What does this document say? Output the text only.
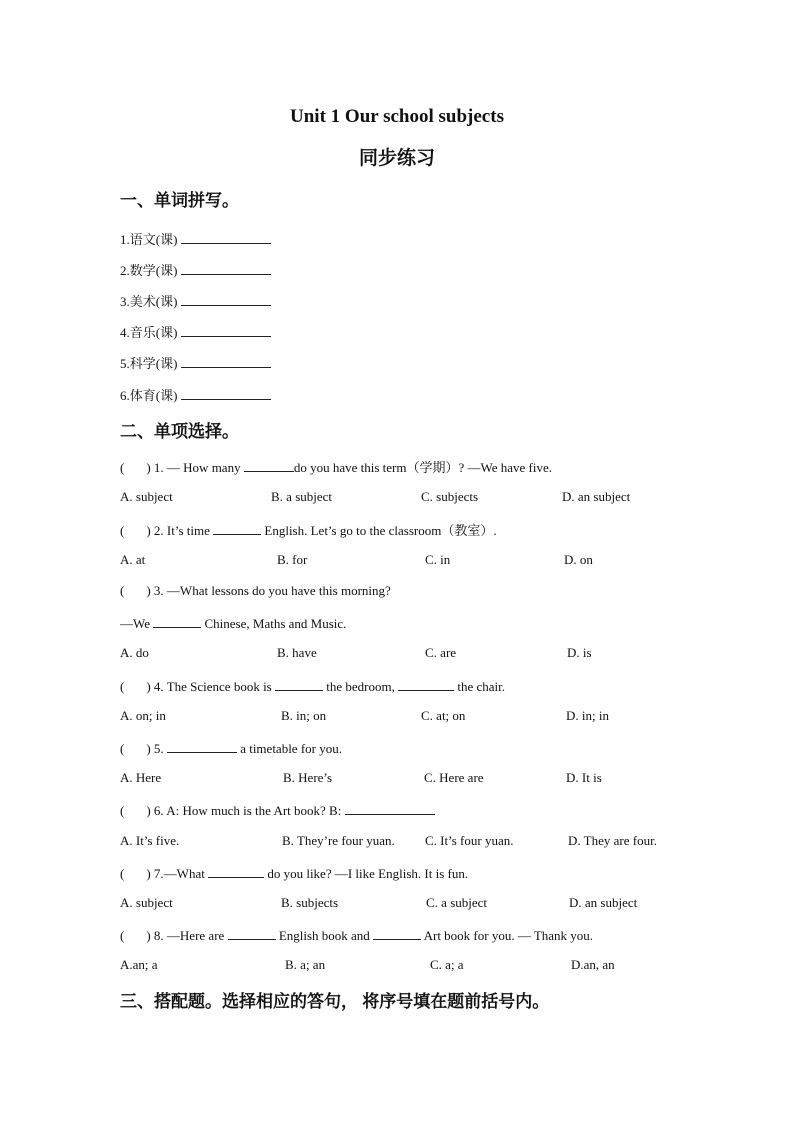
Unit 1 Our school subjects
同步练习
一、单词拼写。
1.语文(课)
2.数学(课)
3.美术(课)
4.音乐(课)
5.科学(课)
6.体育(课)
二、单项选择。
( ) 1. — How many	do you have this term（学期）? —We have five.
A. subject	B. a subject	C. subjects	D. an subject
( ) 2. It’s time	English. Let’s go to the classroom（教室）.
A. at	B. for	C. in	D. on
( ) 3. —What lessons do you have this morning?
—We	Chinese, Maths and Music.
A. do	B. have	C. are	D. is
( ) 4. The Science book is	the bedroom,	the chair.
A. on; in	B. in; on	C. at; on	D. in; in
( ) 5.	a timetable for you.
A. Here	B. Here’s	C. Here are	D. It is
( ) 6. A: How much is the Art book? B:
A. It’s five.	B. They’re four yuan. C. It’s four yuan.	D. They are four.
( ) 7.—What	do you like? —I like English. It is fun.
A. subject	B. subjects	C. a subject	D. an subject
( ) 8. —Here are	English book and	Art book for you. — Thank you.
A.an; a	B. a; an	C. a; a	D.an, an
三、搭配题。选择相应的答句， 将序号填在题前括号内。
